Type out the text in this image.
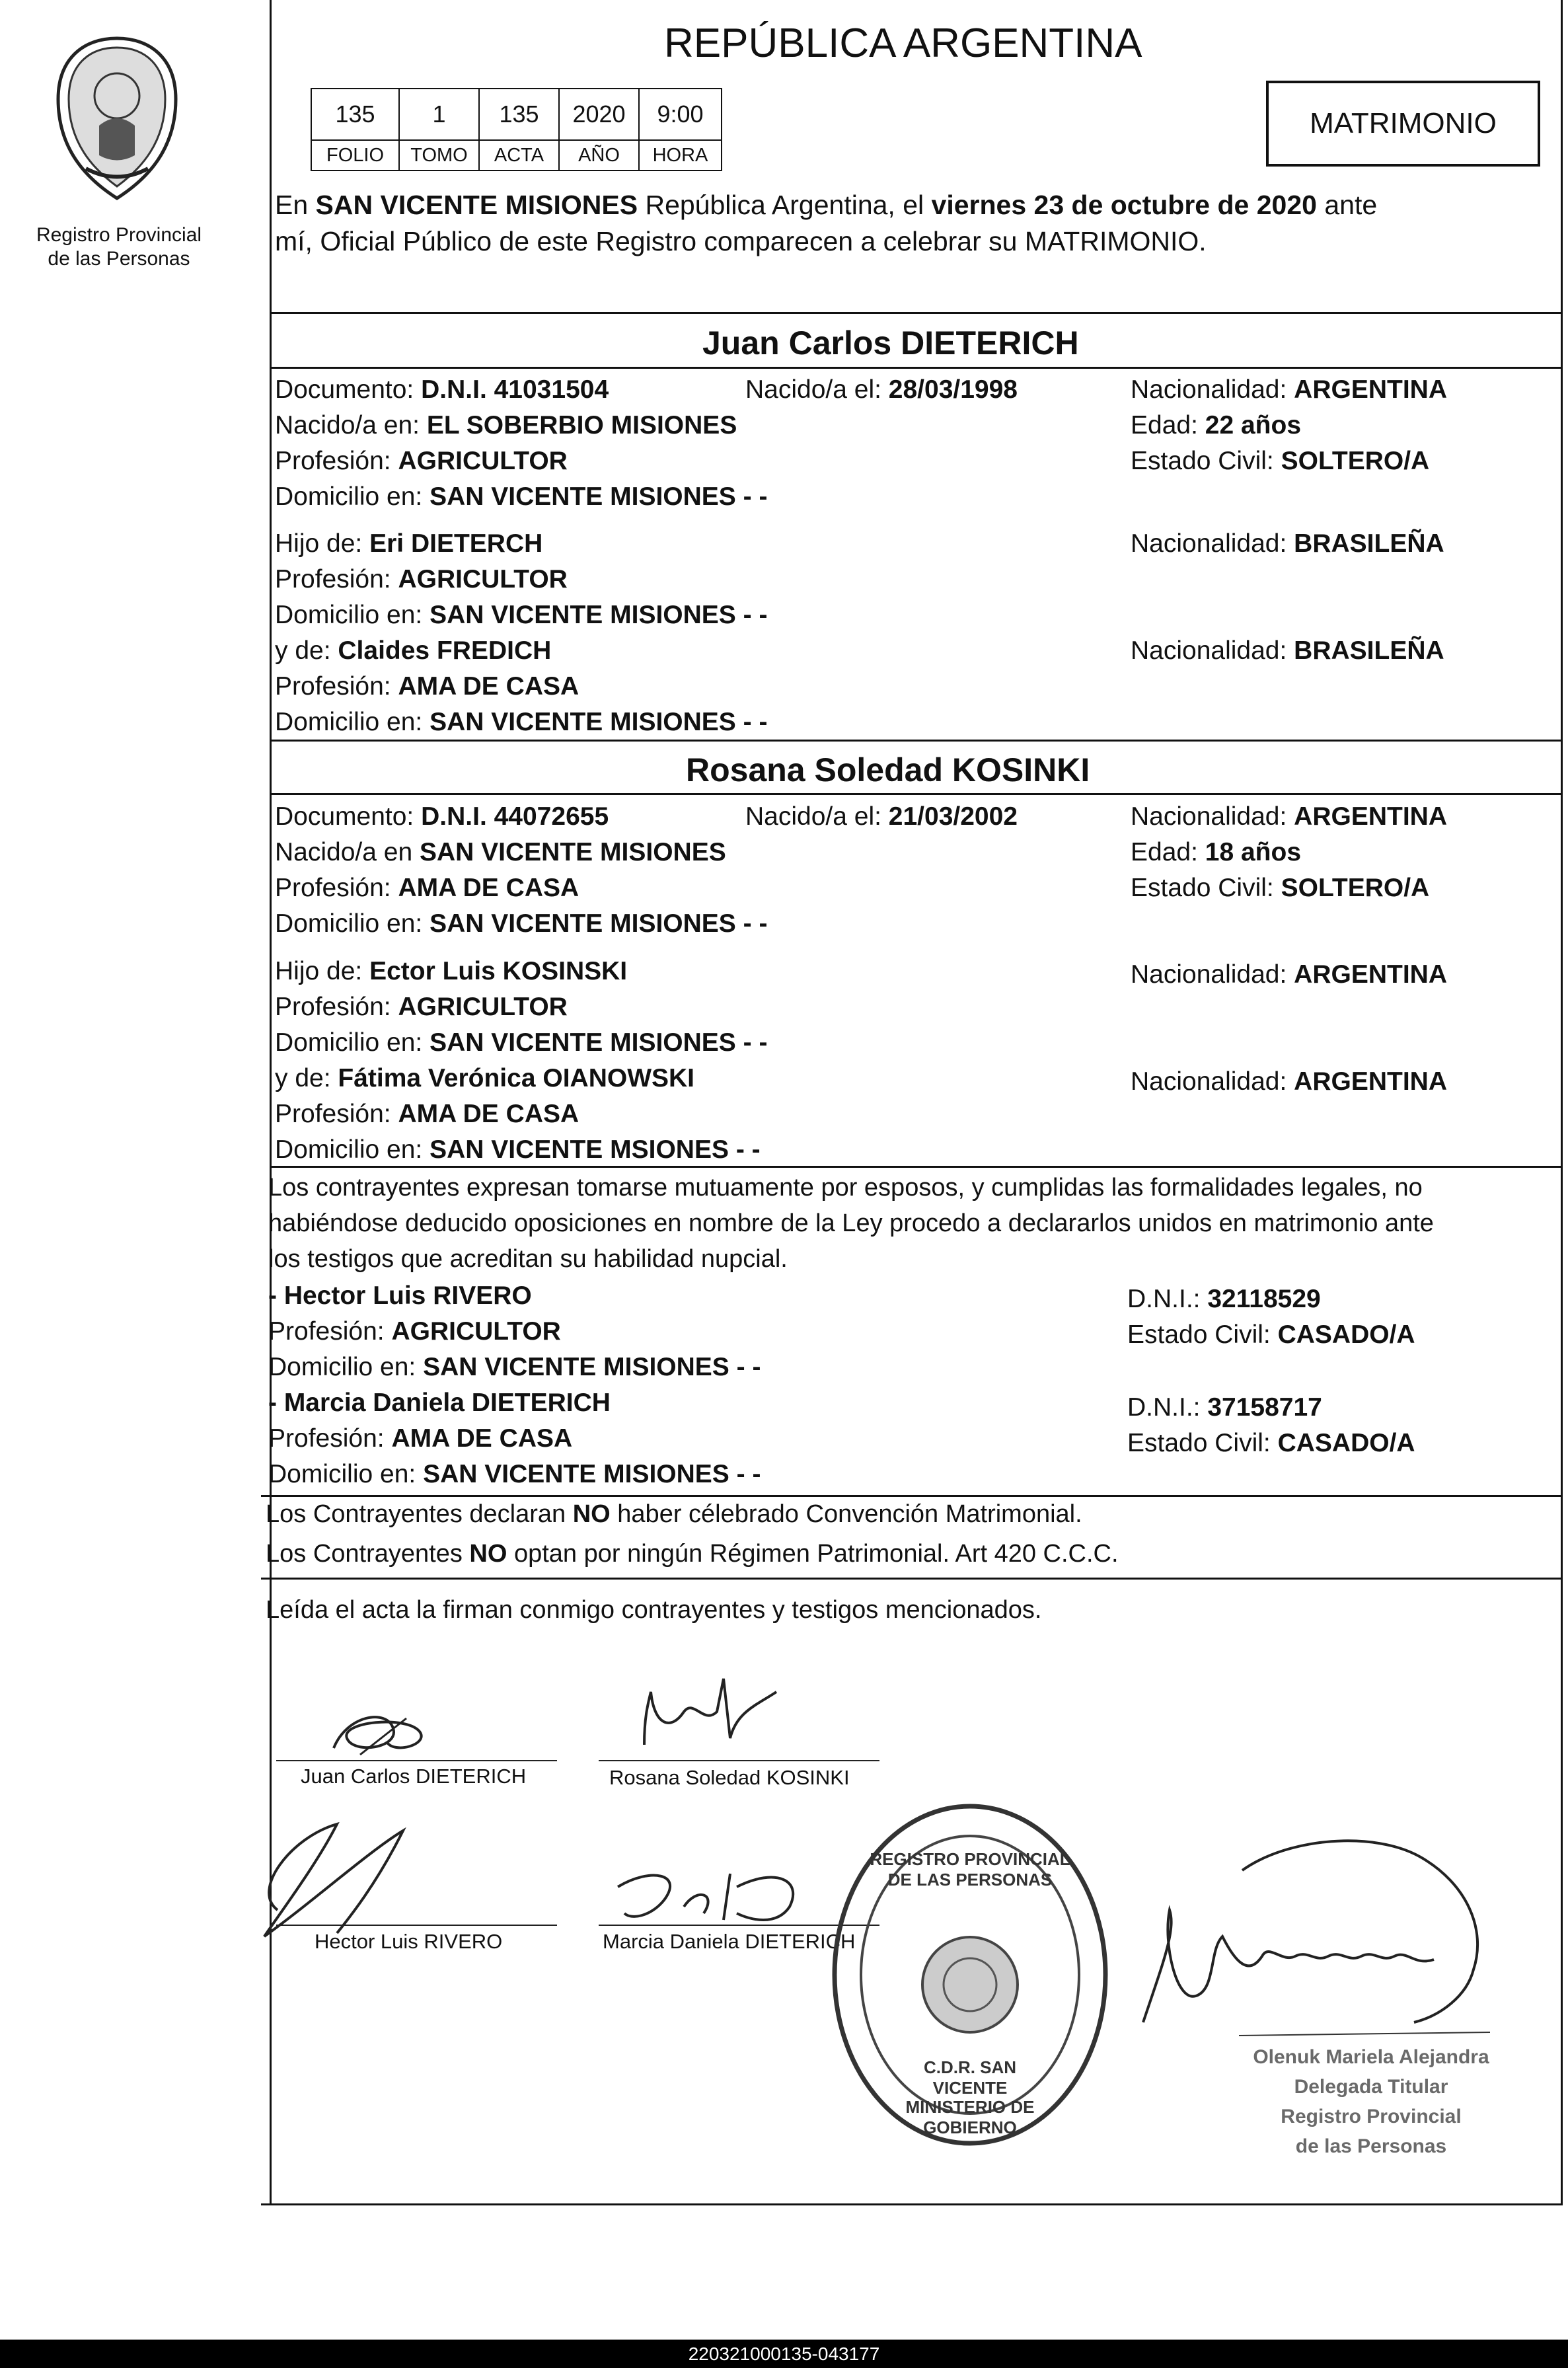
Registro Provincial
de las Personas
REPÚBLICA ARGENTINA
135	1	135	2020	9:00
FOLIO	TOMO	ACTA	AÑO	HORA
MATRIMONIO
En SAN VICENTE MISIONES República Argentina, el viernes 23 de octubre de 2020 ante
mí, Oficial Público de este Registro comparecen a celebrar su MATRIMONIO.
Juan Carlos DIETERICH
Documento: D.N.I. 41031504	Nacido/a el: 28/03/1998	Nacionalidad: ARGENTINA
Nacido/a en: EL SOBERBIO MISIONES	Edad: 22 años
Profesión: AGRICULTOR	Estado Civil: SOLTERO/A
Domicilio en: SAN VICENTE MISIONES - -
Hijo de: Eri DIETERCH	Nacionalidad: BRASILEÑA
Profesión: AGRICULTOR
Domicilio en: SAN VICENTE MISIONES - -
y de: Claides FREDICH	Nacionalidad: BRASILEÑA
Profesión: AMA DE CASA
Domicilio en: SAN VICENTE MISIONES - -
Rosana Soledad KOSINKI
Documento: D.N.I. 44072655	Nacido/a el: 21/03/2002	Nacionalidad: ARGENTINA
Nacido/a en SAN VICENTE MISIONES	Edad: 18 años
Profesión: AMA DE CASA	Estado Civil: SOLTERO/A
Domicilio en: SAN VICENTE MISIONES - -
Hijo de: Ector Luis KOSINSKI	Nacionalidad: ARGENTINA
Profesión: AGRICULTOR
Domicilio en: SAN VICENTE MISIONES - -
y de: Fátima Verónica OIANOWSKI	Nacionalidad: ARGENTINA
Profesión: AMA DE CASA
Domicilio en: SAN VICENTE MSIONES - -
Los contrayentes expresan tomarse mutuamente por esposos, y cumplidas las formalidades legales, no
habiéndose deducido oposiciones en nombre de la Ley procedo a declararlos unidos en matrimonio ante
los testigos que acreditan su habilidad nupcial.
- Hector Luis RIVERO	D.N.I.: 32118529
Profesión: AGRICULTOR	Estado Civil: CASADO/A
Domicilio en: SAN VICENTE MISIONES - -
- Marcia Daniela DIETERICH	D.N.I.: 37158717
Profesión: AMA DE CASA	Estado Civil: CASADO/A
Domicilio en: SAN VICENTE MISIONES - -
Los Contrayentes declaran NO haber célebrado Convención Matrimonial.
Los Contrayentes NO optan por ningún Régimen Patrimonial. Art 420 C.C.C.
Leída el acta la firman conmigo contrayentes y testigos mencionados.
Juan Carlos DIETERICH	Rosana Soledad KOSINKI
Hector Luis RIVERO	Marcia Daniela DIETERICH
REGISTRO PROVINCIAL DE LAS PERSONAS
C.D.R. SAN VICENTE
MINISTERIO DE GOBIERNO
Olenuk Mariela Alejandra
Delegada Titular
Registro Provincial
de las Personas
220321000135-043177
